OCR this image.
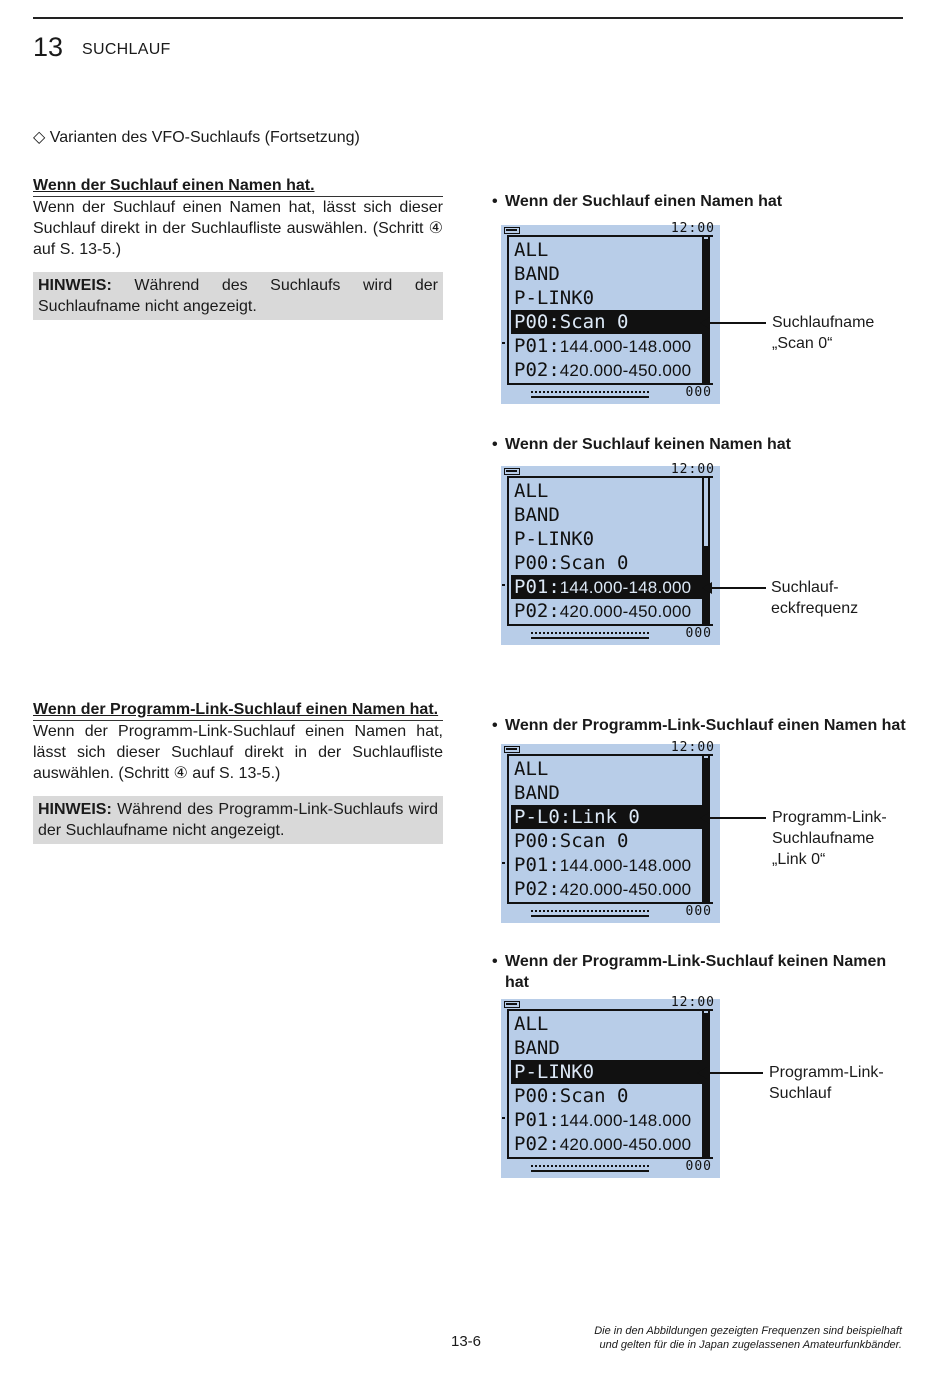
13 SUCHLAUF
◇ Varianten des VFO-Suchlaufs (Fortsetzung)
Wenn der Suchlauf einen Namen hat.

Wenn der Suchlauf einen Namen hat, lässt sich dieser Suchlauf direkt in der Suchlaufliste auswählen. (Schritt ④ auf S. 13-5.)

HINWEIS: Während des Suchlaufs wird der Suchlaufname nicht angezeigt.
Wenn der Programm-Link-Suchlauf einen Namen hat.

Wenn der Programm-Link-Suchlauf einen Namen hat, lässt sich dieser Suchlauf direkt in der Suchlaufliste auswählen. (Schritt ④ auf S. 13-5.)

HINWEIS: Während des Programm-Link-Suchlaufs wird der Suchlaufname nicht angezeigt.
• Wenn der Suchlauf einen Namen hat
12:00
ALL
BAND
P-LINK0
P00:Scan 0
P01:144.000-148.000
P02:420.000-450.000
000
Suchlaufname
„Scan 0“
• Wenn der Suchlauf keinen Namen hat
12:00
ALL
BAND
P-LINK0
P00:Scan 0
P01:144.000-148.000
P02:420.000-450.000
000
Suchlauf-
eckfrequenz
• Wenn der Programm-Link-Suchlauf einen Namen hat
12:00
ALL
BAND
P-L0:Link 0
P00:Scan 0
P01:144.000-148.000
P02:420.000-450.000
000
Programm-Link-
Suchlaufname
„Link 0“
• Wenn der Programm-Link-Suchlauf keinen Namen
hat
12:00
ALL
BAND
P-LINK0
P00:Scan 0
P01:144.000-148.000
P02:420.000-450.000
000
Programm-Link-
Suchlauf
13-6
Die in den Abbildungen gezeigten Frequenzen sind beispielhaft
und gelten für die in Japan zugelassenen Amateurfunkbänder.
